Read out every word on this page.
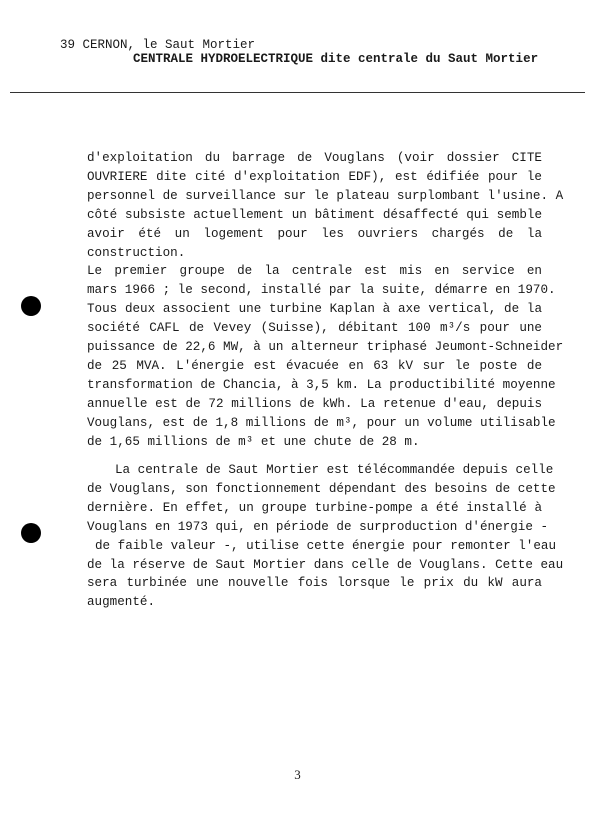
39 CERNON, le Saut Mortier
CENTRALE HYDROELECTRIQUE dite centrale du Saut Mortier
d'exploitation du barrage de Vouglans (voir dossier CITE
OUVRIERE dite cité d'exploitation EDF), est édifiée pour le
personnel de surveillance sur le plateau surplombant l'usine. A
côté subsiste actuellement un bâtiment désaffecté qui semble
avoir été un logement pour les ouvriers chargés de la
construction.
Le premier groupe de la centrale est mis en service en
mars 1966 ; le second, installé par la suite, démarre en 1970.
Tous deux associent une turbine Kaplan à axe vertical, de la
société CAFL de Vevey (Suisse), débitant 100 m³/s pour une
puissance de 22,6 MW, à un alterneur triphasé Jeumont-Schneider
de 25 MVA. L'énergie est évacuée en 63 kV sur le poste de
transformation de Chancia, à 3,5 km. La productibilité moyenne
annuelle est de 72 millions de kWh. La retenue d'eau, depuis
Vouglans, est de 1,8 millions de m³, pour un volume utilisable
de 1,65 millions de m³ et une chute de 28 m.
La centrale de Saut Mortier est télécommandée depuis celle
de Vouglans, son fonctionnement dépendant des besoins de cette
dernière. En effet, un groupe turbine-pompe a été installé à
Vouglans en 1973 qui, en période de surproduction d'énergie -
de faible valeur -, utilise cette énergie pour remonter l'eau
de la réserve de Saut Mortier dans celle de Vouglans. Cette eau
sera turbinée une nouvelle fois lorsque le prix du kW aura
augmenté.
3
